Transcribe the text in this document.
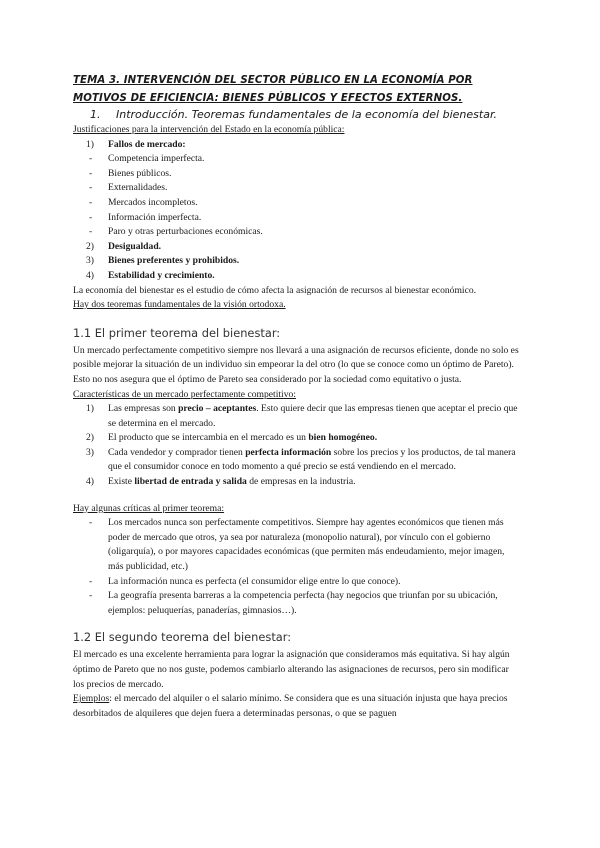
TEMA 3. INTERVENCIÓN DEL SECTOR PÚBLICO EN LA ECONOMÍA POR

MOTIVOS DE EFICIENCIA: BIENES PÚBLICOS Y EFECTOS EXTERNOS.

1. Introducción. Teoremas fundamentales de la economía del bienestar.

Justificaciones para la intervención del Estado en la economía pública:

1) Fallos de mercado:
- Competencia imperfecta.
- Bienes públicos.
- Externalidades.
- Mercados incompletos.
- Información imperfecta.
- Paro y otras perturbaciones económicas.
2) Desigualdad.
3) Bienes preferentes y prohibidos.
4) Estabilidad y crecimiento.

La economía del bienestar es el estudio de cómo afecta la asignación de recursos al bienestar económico.

Hay dos teoremas fundamentales de la visión ortodoxa.

1.1 El primer teorema del bienestar:

Un mercado perfectamente competitivo siempre nos llevará a una asignación de recursos eficiente, donde no solo es posible mejorar la situación de un individuo sin empeorar la del otro (lo que se conoce como un óptimo de Pareto).

Esto no nos asegura que el óptimo de Pareto sea considerado por la sociedad como equitativo o justa.

Características de un mercado perfectamente competitivo:

1) Las empresas son precio – aceptantes. Esto quiere decir que las empresas tienen que aceptar el precio que se determina en el mercado.
2) El producto que se intercambia en el mercado es un bien homogéneo.
3) Cada vendedor y comprador tienen perfecta información sobre los precios y los productos, de tal manera que el consumidor conoce en todo momento a qué precio se está vendiendo en el mercado.
4) Existe libertad de entrada y salida de empresas en la industria.

Hay algunas críticas al primer teorema:

- Los mercados nunca son perfectamente competitivos. Siempre hay agentes económicos que tienen más poder de mercado que otros, ya sea por naturaleza (monopolio natural), por vínculo con el gobierno (oligarquía), o por mayores capacidades económicas (que permiten más endeudamiento, mejor imagen, más publicidad, etc.)
- La información nunca es perfecta (el consumidor elige entre lo que conoce).
- La geografía presenta barreras a la competencia perfecta (hay negocios que triunfan por su ubicación, ejemplos: peluquerías, panaderías, gimnasios…).

1.2 El segundo teorema del bienestar:

El mercado es una excelente herramienta para lograr la asignación que consideramos más equitativa. Si hay algún óptimo de Pareto que no nos guste, podemos cambiarlo alterando las asignaciones de recursos, pero sin modificar los precios de mercado.

Ejemplos: el mercado del alquiler o el salario mínimo. Se considera que es una situación injusta que haya precios desorbitados de alquileres que dejen fuera a determinadas personas, o que se paguen
